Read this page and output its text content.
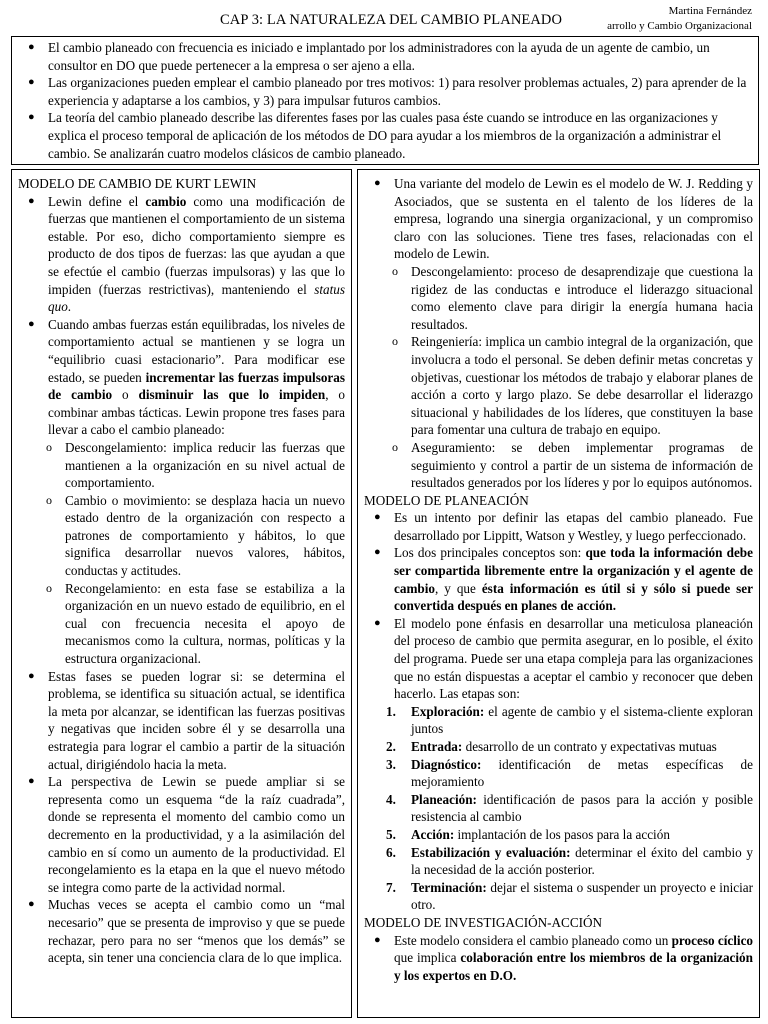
CAP 3: LA NATURALEZA DEL CAMBIO PLANEADO
Martina Fernández
arrollo y Cambio Organizacional
● El cambio planeado con frecuencia es iniciado e implantado por los administradores con la ayuda de un agente de cambio, un consultor en DO que puede pertenecer a la empresa o ser ajeno a ella.
● Las organizaciones pueden emplear el cambio planeado por tres motivos: 1) para resolver problemas actuales, 2) para aprender de la experiencia y adaptarse a los cambios, y 3) para impulsar futuros cambios.
● La teoría del cambio planeado describe las diferentes fases por las cuales pasa éste cuando se introduce en las organizaciones y explica el proceso temporal de aplicación de los métodos de DO para ayudar a los miembros de la organización a administrar el cambio. Se analizarán cuatro modelos clásicos de cambio planeado.
MODELO DE CAMBIO DE KURT LEWIN
● Lewin define el cambio como una modificación de fuerzas que mantienen el comportamiento de un sistema estable. Por eso, dicho comportamiento siempre es producto de dos tipos de fuerzas: las que ayudan a que se efectúe el cambio (fuerzas impulsoras) y las que lo impiden (fuerzas restrictivas), manteniendo el status quo.
● Cuando ambas fuerzas están equilibradas, los niveles de comportamiento actual se mantienen y se logra un “equilibrio cuasi estacionario”. Para modificar ese estado, se pueden incrementar las fuerzas impulsoras de cambio o disminuir las que lo impiden, o combinar ambas tácticas. Lewin propone tres fases para llevar a cabo el cambio planeado:
o Descongelamiento: implica reducir las fuerzas que mantienen a la organización en su nivel actual de comportamiento.
o Cambio o movimiento: se desplaza hacia un nuevo estado dentro de la organización con respecto a patrones de comportamiento y hábitos, lo que significa desarrollar nuevos valores, hábitos, conductas y actitudes.
o Recongelamiento: en esta fase se estabiliza a la organización en un nuevo estado de equilibrio, en el cual con frecuencia necesita el apoyo de mecanismos como la cultura, normas, políticas y la estructura organizacional.
● Estas fases se pueden lograr si: se determina el problema, se identifica su situación actual, se identifica la meta por alcanzar, se identifican las fuerzas positivas y negativas que inciden sobre él y se desarrolla una estrategia para lograr el cambio a partir de la situación actual, dirigiéndolo hacia la meta.
● La perspectiva de Lewin se puede ampliar si se representa como un esquema “de la raíz cuadrada”, donde se representa el momento del cambio como un decremento en la productividad, y a la asimilación del cambio en sí como un aumento de la productividad. El recongelamiento es la etapa en la que el nuevo método se integra como parte de la actividad normal.
● Muchas veces se acepta el cambio como un “mal necesario” que se presenta de improviso y que se puede rechazar, pero para no ser “menos que los demás” se acepta, sin tener una conciencia clara de lo que implica.
● Una variante del modelo de Lewin es el modelo de W. J. Redding y Asociados, que se sustenta en el talento de los líderes de la empresa, logrando una sinergia organizacional, y un compromiso claro con las soluciones. Tiene tres fases, relacionadas con el modelo de Lewin.
o Descongelamiento: proceso de desaprendizaje que cuestiona la rigidez de las conductas e introduce el liderazgo situacional como elemento clave para dirigir la energía humana hacia resultados.
o Reingeniería: implica un cambio integral de la organización, que involucra a todo el personal. Se deben definir metas concretas y objetivas, cuestionar los métodos de trabajo y elaborar planes de acción a corto y largo plazo. Se debe desarrollar el liderazgo situacional y habilidades de los líderes, que constituyen la base para fomentar una cultura de trabajo en equipo.
o Aseguramiento: se deben implementar programas de seguimiento y control a partir de un sistema de información de resultados generados por los líderes y por lo equipos autónomos.
MODELO DE PLANEACIÓN
● Es un intento por definir las etapas del cambio planeado. Fue desarrollado por Lippitt, Watson y Westley, y luego perfeccionado.
● Los dos principales conceptos son: que toda la información debe ser compartida libremente entre la organización y el agente de cambio, y que ésta información es útil si y sólo si puede ser convertida después en planes de acción.
● El modelo pone énfasis en desarrollar una meticulosa planeación del proceso de cambio que permita asegurar, en lo posible, el éxito del programa. Puede ser una etapa compleja para las organizaciones que no están dispuestas a aceptar el cambio y reconocer que deben hacerlo. Las etapas son:
1. Exploración: el agente de cambio y el sistema-cliente exploran juntos
2. Entrada: desarrollo de un contrato y expectativas mutuas
3. Diagnóstico: identificación de metas específicas de mejoramiento
4. Planeación: identificación de pasos para la acción y posible resistencia al cambio
5. Acción: implantación de los pasos para la acción
6. Estabilización y evaluación: determinar el éxito del cambio y la necesidad de la acción posterior.
7. Terminación: dejar el sistema o suspender un proyecto e iniciar otro.
MODELO DE INVESTIGACIÓN-ACCIÓN
● Este modelo considera el cambio planeado como un proceso cíclico que implica colaboración entre los miembros de la organización y los expertos en D.O.
